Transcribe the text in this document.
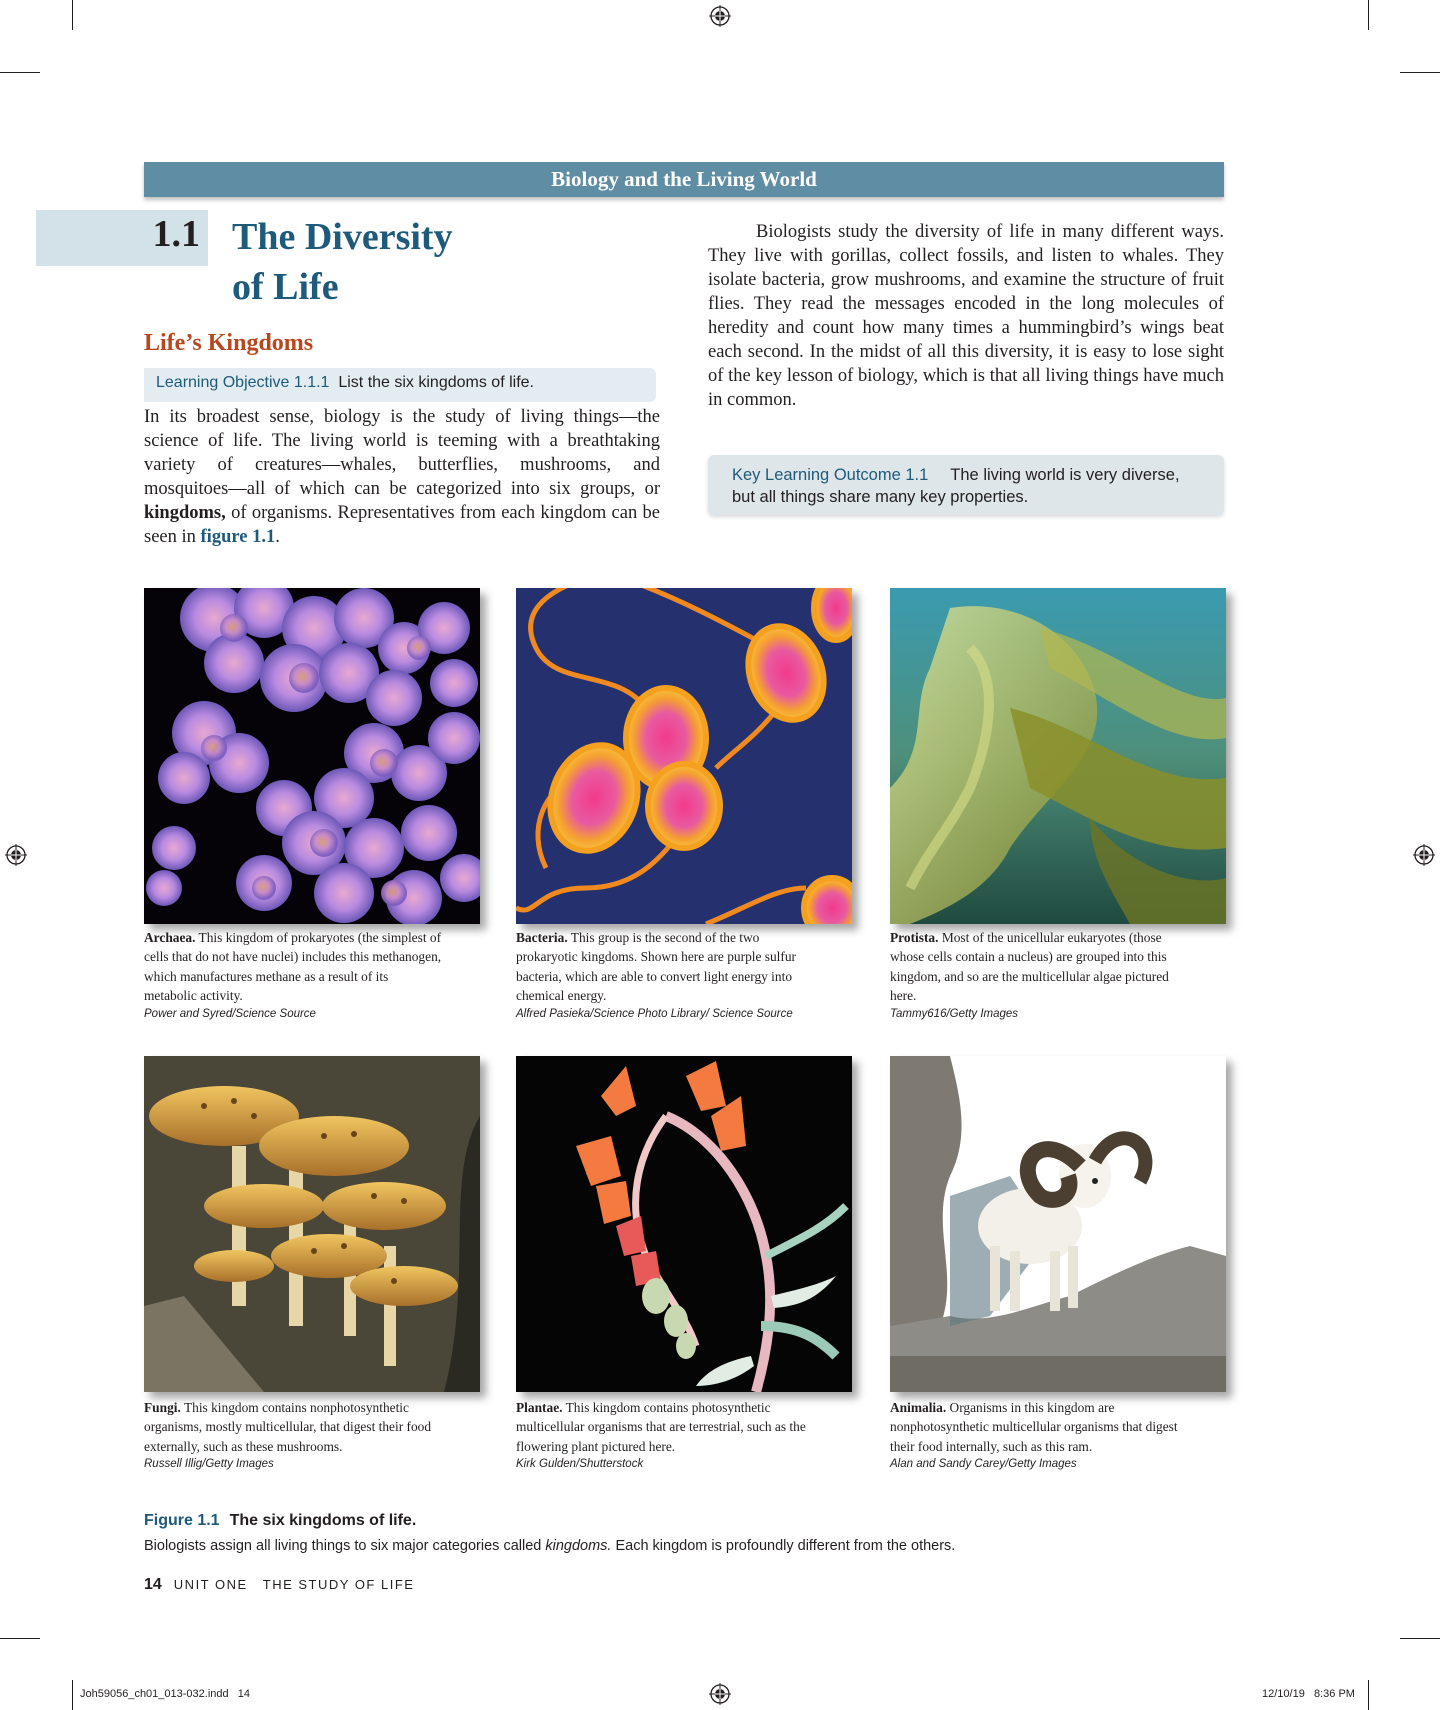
Biology and the Living World
1.1 The Diversity
of Life
Life’s Kingdoms
Learning Objective 1.1.1 List the six kingdoms of life.
In its broadest sense, biology is the study of living things—the science of life. The living world is teeming with a breathtaking variety of creatures—whales, butterflies, mushrooms, and mosquitoes—all of which can be categorized into six groups, or kingdoms, of organisms. Representatives from each kingdom can be seen in figure 1.1.
Biologists study the diversity of life in many different ways. They live with gorillas, collect fossils, and listen to whales. They isolate bacteria, grow mushrooms, and examine the structure of fruit flies. They read the messages encoded in the long molecules of heredity and count how many times a hummingbird’s wings beat each second. In the midst of all this diversity, it is easy to lose sight of the key lesson of biology, which is that all living things have much in common.
Key Learning Outcome 1.1 The living world is very diverse, but all things share many key properties.
Archaea. This kingdom of prokaryotes (the simplest of cells that do not have nuclei) includes this methanogen, which manufactures methane as a result of its metabolic activity.
Power and Syred/Science Source
Bacteria. This group is the second of the two prokaryotic kingdoms. Shown here are purple sulfur bacteria, which are able to convert light energy into chemical energy.
Alfred Pasieka/Science Photo Library/ Science Source
Protista. Most of the unicellular eukaryotes (those whose cells contain a nucleus) are grouped into this kingdom, and so are the multicellular algae pictured here.
Tammy616/Getty Images
Fungi. This kingdom contains nonphotosynthetic organisms, mostly multicellular, that digest their food externally, such as these mushrooms.
Russell Illig/Getty Images
Plantae. This kingdom contains photosynthetic multicellular organisms that are terrestrial, such as the flowering plant pictured here.
Kirk Gulden/Shutterstock
Animalia. Organisms in this kingdom are nonphotosynthetic multicellular organisms that digest their food internally, such as this ram.
Alan and Sandy Carey/Getty Images
Figure 1.1 The six kingdoms of life.
Biologists assign all living things to six major categories called kingdoms. Each kingdom is profoundly different from the others.
14 UNIT ONE   THE STUDY OF LIFE
Joh59056_ch01_013-032.indd   14	12/10/19   8:36 PM
